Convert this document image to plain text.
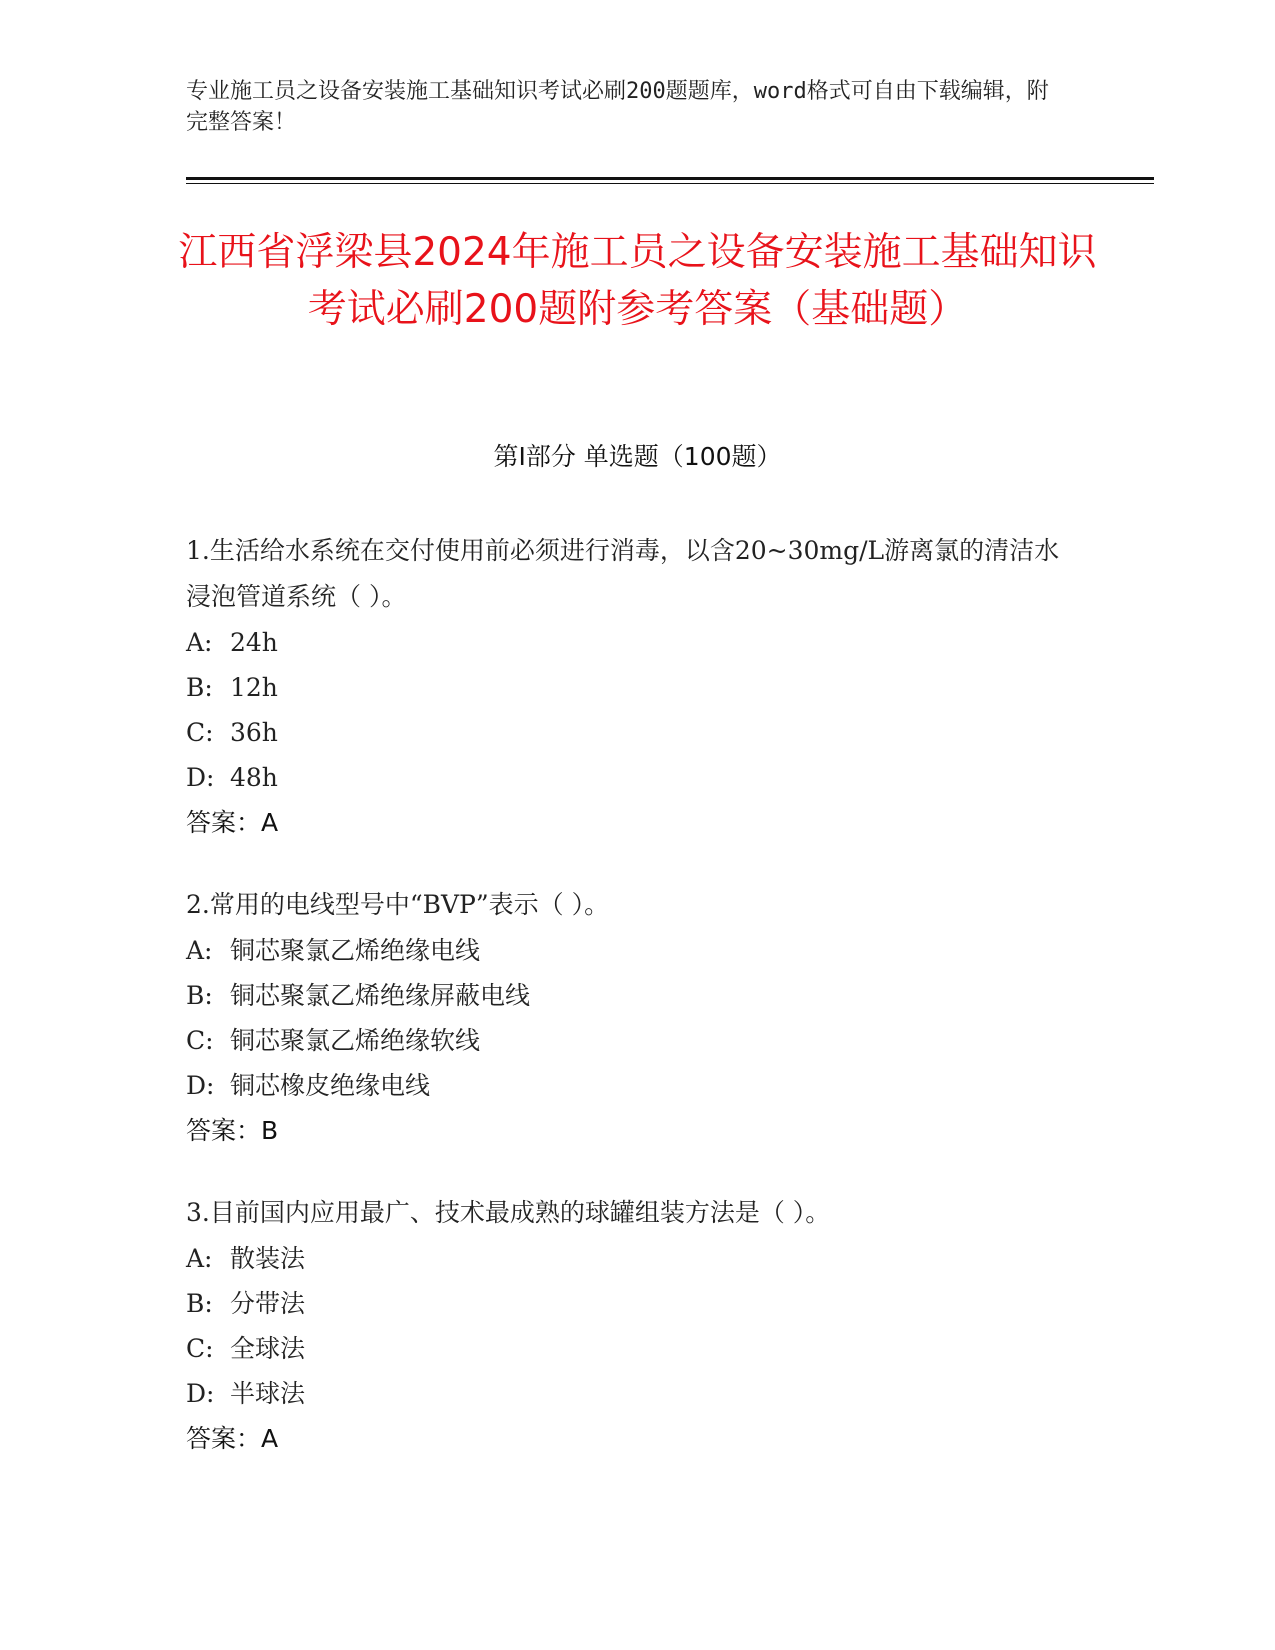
专业施工员之设备安装施工基础知识考试必刷200题题库，word格式可自由下载编辑，附完整答案！
江西省浮梁县2024年施工员之设备安装施工基础知识考试必刷200题附参考答案（基础题）
第I部分 单选题（100题）
1.生活给水系统在交付使用前必须进行消毒，以含20~30mg/L游离氯的清洁水浸泡管道系统（ ）。
A: 24h
B: 12h
C: 36h
D: 48h
答案：A
2.常用的电线型号中“BVP”表示（ ）。
A: 铜芯聚氯乙烯绝缘电线
B: 铜芯聚氯乙烯绝缘屏蔽电线
C: 铜芯聚氯乙烯绝缘软线
D: 铜芯橡皮绝缘电线
答案：B
3.目前国内应用最广、技术最成熟的球罐组装方法是（ ）。
A: 散装法
B: 分带法
C: 全球法
D: 半球法
答案：A
